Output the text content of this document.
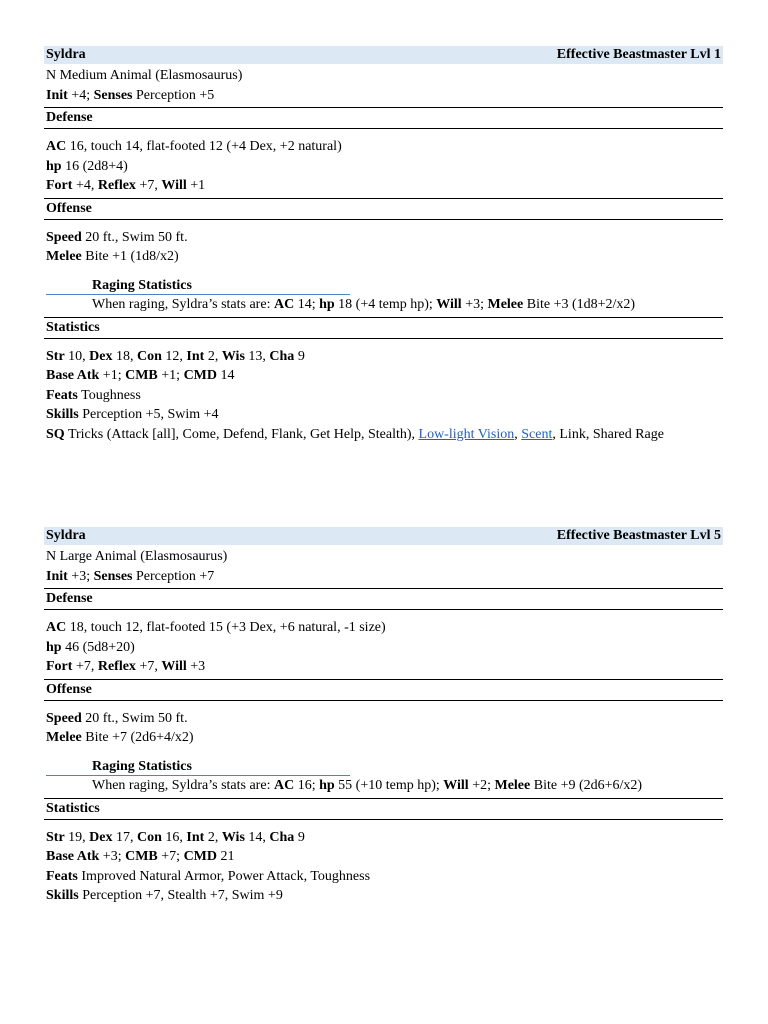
Syldra	Effective Beastmaster Lvl 1
N Medium Animal (Elasmosaurus)
Init +4; Senses Perception +5
Defense
AC 16, touch 14, flat-footed 12 (+4 Dex, +2 natural)
hp 16 (2d8+4)
Fort +4, Reflex +7, Will +1
Offense
Speed 20 ft., Swim 50 ft.
Melee Bite +1 (1d8/x2)
Raging Statistics
When raging, Syldra’s stats are: AC 14; hp 18 (+4 temp hp); Will +3; Melee Bite +3 (1d8+2/x2)
Statistics
Str 10, Dex 18, Con 12, Int 2, Wis 13, Cha 9
Base Atk +1; CMB +1; CMD 14
Feats Toughness
Skills Perception +5, Swim +4
SQ Tricks (Attack [all], Come, Defend, Flank, Get Help, Stealth), Low-light Vision, Scent, Link, Shared Rage
Syldra	Effective Beastmaster Lvl 5
N Large Animal (Elasmosaurus)
Init +3; Senses Perception +7
Defense
AC 18, touch 12, flat-footed 15 (+3 Dex, +6 natural, -1 size)
hp 46 (5d8+20)
Fort +7, Reflex +7, Will +3
Offense
Speed 20 ft., Swim 50 ft.
Melee Bite +7 (2d6+4/x2)
Raging Statistics
When raging, Syldra’s stats are: AC 16; hp 55 (+10 temp hp); Will +2; Melee Bite +9 (2d6+6/x2)
Statistics
Str 19, Dex 17, Con 16, Int 2, Wis 14, Cha 9
Base Atk +3; CMB +7; CMD 21
Feats Improved Natural Armor, Power Attack, Toughness
Skills Perception +7, Stealth +7, Swim +9
